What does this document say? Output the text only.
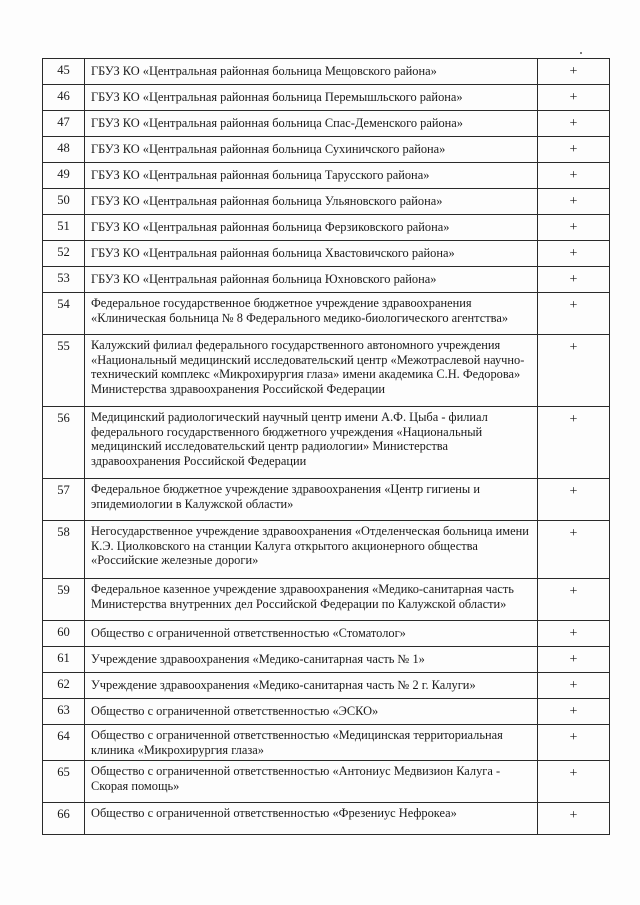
45	ГБУЗ КО «Центральная районная больница Мещовского района»	+
46	ГБУЗ КО «Центральная районная больница Перемышльского района»	+
47	ГБУЗ КО «Центральная районная больница Спас-Деменского района»	+
48	ГБУЗ КО «Центральная районная больница Сухиничского района»	+
49	ГБУЗ КО «Центральная районная больница Тарусского района»	+
50	ГБУЗ КО «Центральная районная больница Ульяновского района»	+
51	ГБУЗ КО «Центральная районная больница Ферзиковского района»	+
52	ГБУЗ КО «Центральная районная больница Хвастовичского района»	+
53	ГБУЗ КО «Центральная районная больница Юхновского района»	+
54	Федеральное государственное бюджетное учреждение здравоохранения «Клиническая больница № 8 Федерального медико-биологического агентства»	+
55	Калужский филиал федерального государственного автономного учреждения «Национальный медицинский исследовательский центр «Межотраслевой научно-технический комплекс «Микрохирургия глаза» имени академика С.Н. Федорова» Министерства здравоохранения Российской Федерации	+
56	Медицинский радиологический научный центр имени А.Ф. Цыба - филиал федерального государственного бюджетного учреждения «Национальный медицинский исследовательский центр радиологии» Министерства здравоохранения Российской Федерации	+
57	Федеральное бюджетное учреждение здравоохранения «Центр гигиены и эпидемиологии в Калужской области»	+
58	Негосударственное учреждение здравоохранения «Отделенческая больница имени К.Э. Циолковского на станции Калуга открытого акционерного общества «Российские железные дороги»	+
59	Федеральное казенное учреждение здравоохранения «Медико-санитарная часть Министерства внутренних дел Российской Федерации по Калужской области»	+
60	Общество с ограниченной ответственностью «Стоматолог»	+
61	Учреждение здравоохранения «Медико-санитарная часть № 1»	+
62	Учреждение здравоохранения «Медико-санитарная часть № 2 г. Калуги»	+
63	Общество с ограниченной ответственностью «ЭСКО»	+
64	Общество с ограниченной ответственностью «Медицинская территориальная клиника «Микрохирургия глаза»	+
65	Общество с ограниченной ответственностью «Антониус Медвизион Калуга - Скорая помощь»	+
66	Общество с ограниченной ответственностью «Фрезениус Нефрокеа»	+
